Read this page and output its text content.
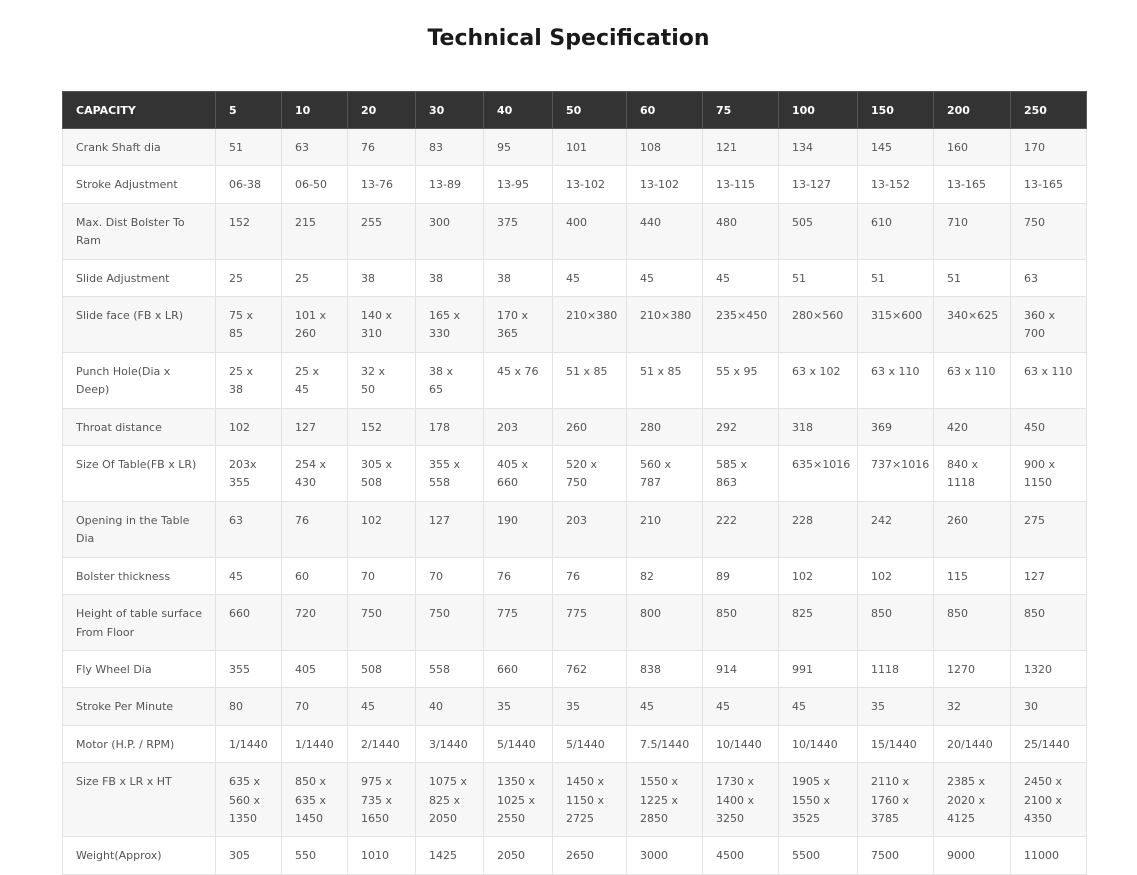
Technical Specification
CAPACITY	5	10	20	30	40	50	60	75	100	150	200	250
Crank Shaft dia	51	63	76	83	95	101	108	121	134	145	160	170
Stroke Adjustment	06-38	06-50	13-76	13-89	13-95	13-102	13-102	13-115	13-127	13-152	13-165	13-165
Max. Dist Bolster To Ram	152	215	255	300	375	400	440	480	505	610	710	750
Slide Adjustment	25	25	38	38	38	45	45	45	51	51	51	63
Slide face (FB x LR)	75 x 85	101 x 260	140 x 310	165 x 330	170 x 365	210×380	210×380	235×450	280×560	315×600	340×625	360 x 700
Punch Hole(Dia x Deep)	25 x 38	25 x 45	32 x 50	38 x 65	45 x 76	51 x 85	51 x 85	55 x 95	63 x 102	63 x 110	63 x 110	63 x 110
Throat distance	102	127	152	178	203	260	280	292	318	369	420	450
Size Of Table(FB x LR)	203x 355	254 x 430	305 x 508	355 x 558	405 x 660	520 x 750	560 x 787	585 x 863	635×1016	737×1016	840 x 1118	900 x 1150
Opening in the Table Dia	63	76	102	127	190	203	210	222	228	242	260	275
Bolster thickness	45	60	70	70	76	76	82	89	102	102	115	127
Height of table surface From Floor	660	720	750	750	775	775	800	850	825	850	850	850
Fly Wheel Dia	355	405	508	558	660	762	838	914	991	1118	1270	1320
Stroke Per Minute	80	70	45	40	35	35	45	45	45	35	32	30
Motor (H.P. / RPM)	1/1440	1/1440	2/1440	3/1440	5/1440	5/1440	7.5/1440	10/1440	10/1440	15/1440	20/1440	25/1440
Size FB x LR x HT	635 x 560 x 1350	850 x 635 x 1450	975 x 735 x 1650	1075 x 825 x 2050	1350 x 1025 x 2550	1450 x 1150 x 2725	1550 x 1225 x 2850	1730 x 1400 x 3250	1905 x 1550 x 3525	2110 x 1760 x 3785	2385 x 2020 x 4125	2450 x 2100 x 4350
Weight(Approx)	305	550	1010	1425	2050	2650	3000	4500	5500	7500	9000	11000
